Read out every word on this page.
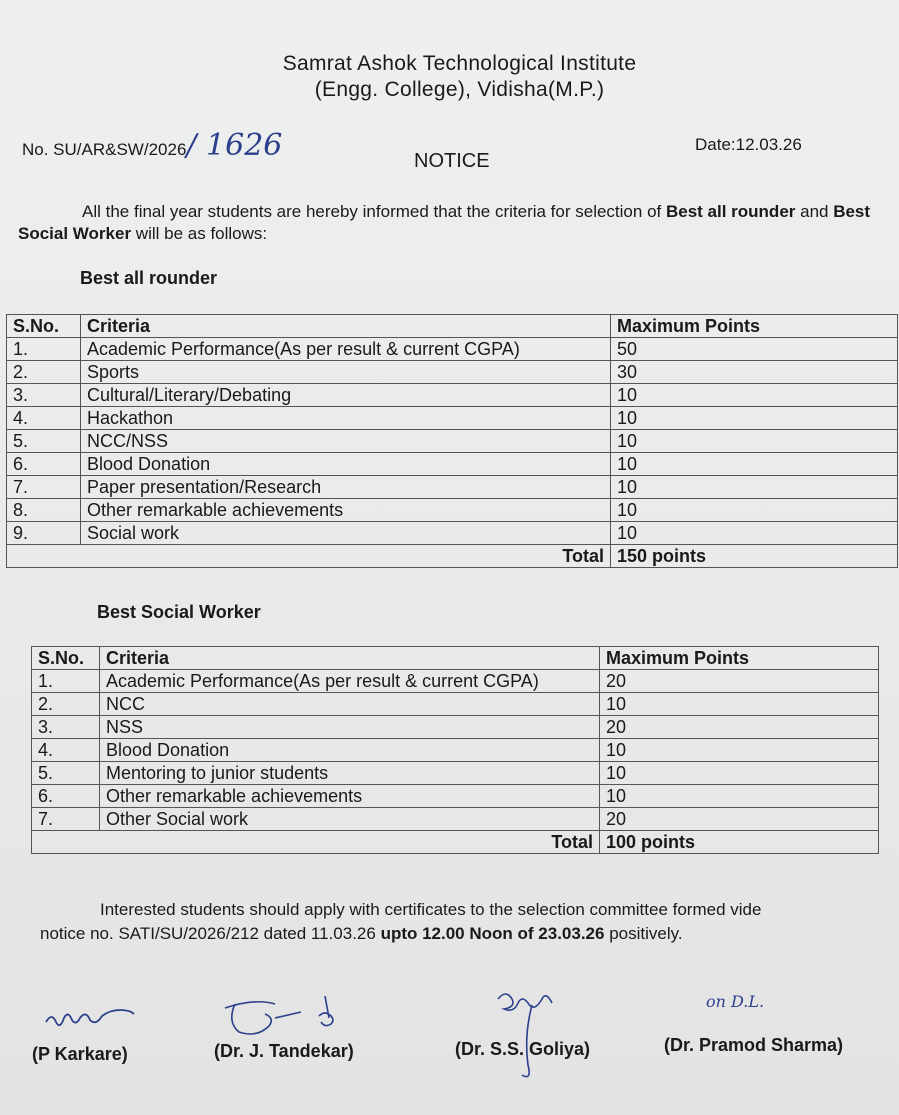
Samrat Ashok Technological Institute
(Engg. College), Vidisha(M.P.)
No. SU/AR&SW/2026/ 1626	Date:12.03.26
NOTICE
All the final year students are hereby informed that the criteria for selection of Best all rounder and Best Social Worker will be as follows:
Best all rounder
S.No.	Criteria	Maximum Points
1.	Academic Performance(As per result & current CGPA)	50
2.	Sports	30
3.	Cultural/Literary/Debating	10
4.	Hackathon	10
5.	NCC/NSS	10
6.	Blood Donation	10
7.	Paper presentation/Research	10
8.	Other remarkable achievements	10
9.	Social work	10
Total		150 points
Best Social Worker
S.No.	Criteria	Maximum Points
1.	Academic Performance(As per result & current CGPA)	20
2.	NCC	10
3.	NSS	20
4.	Blood Donation	10
5.	Mentoring to junior students	10
6.	Other remarkable achievements	10
7.	Other Social work	20
Total		100 points
Interested students should apply with certificates to the selection committee formed vide
notice no. SATI/SU/2026/212 dated 11.03.26 upto 12.00 Noon of 23.03.26 positively.
on D.L.
(P Karkare)	(Dr. J. Tandekar)	(Dr. S.S. Goliya)	(Dr. Pramod Sharma)
